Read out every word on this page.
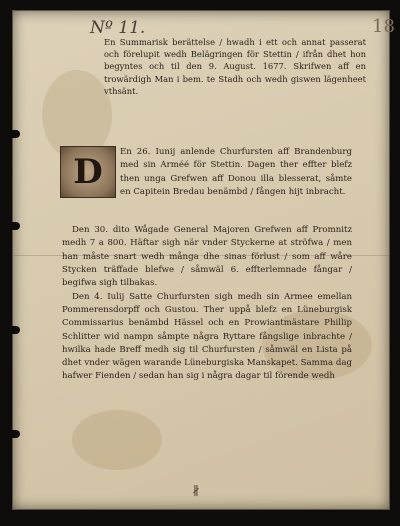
Nº 11.	18
En Summarisk berättelse / hwadh i ett och annat passerat och förelupit wedh Belägringen för Stettin / ifrån dhet hon begyntes och til den 9. August. 1677. Skrifwen aff en trowärdigh Man i bem. te Stadh och wedh giswen lägenheet vthsänt.
D	En 26. Iunij anlende Churfursten aff Brandenburg med sin Arméé för Stettin. Dagen ther effter blefz then unga Grefwen aff Donou illa blesserat, såmte en Capitein Bredau benämbd / fången hijt inbracht.

Den 30. dito Wågade General Majoren Grefwen aff Promnitz medh 7 a 800. Häftar sigh när vnder Styckerne at ströfwa / men han måste snart wedh många dhe sinas förlust / som aff wåre Stycken träffade blefwe / såmwäl 6. effterlemnade fångar / begifwa sigh tilbakas.

Den 4. Iulij Satte Churfursten sigh medh sin Armee emellan Pommerensdorpff och Gustou. Ther uppå blefz en Lüneburgisk Commissarius benämbd Hässel och en Prowiantmästare Phillip Schlitter wid nampn såmpte några Ryttare fångslige inbrachte / hwilka hade Breff medh sig til Churfursten / såmwäl en Lista på dhet vnder wägen warande Lüneburgiska Manskapet. Samma dag hafwer Fienden / sedan han sig i några dagar til förende wedh

∦
